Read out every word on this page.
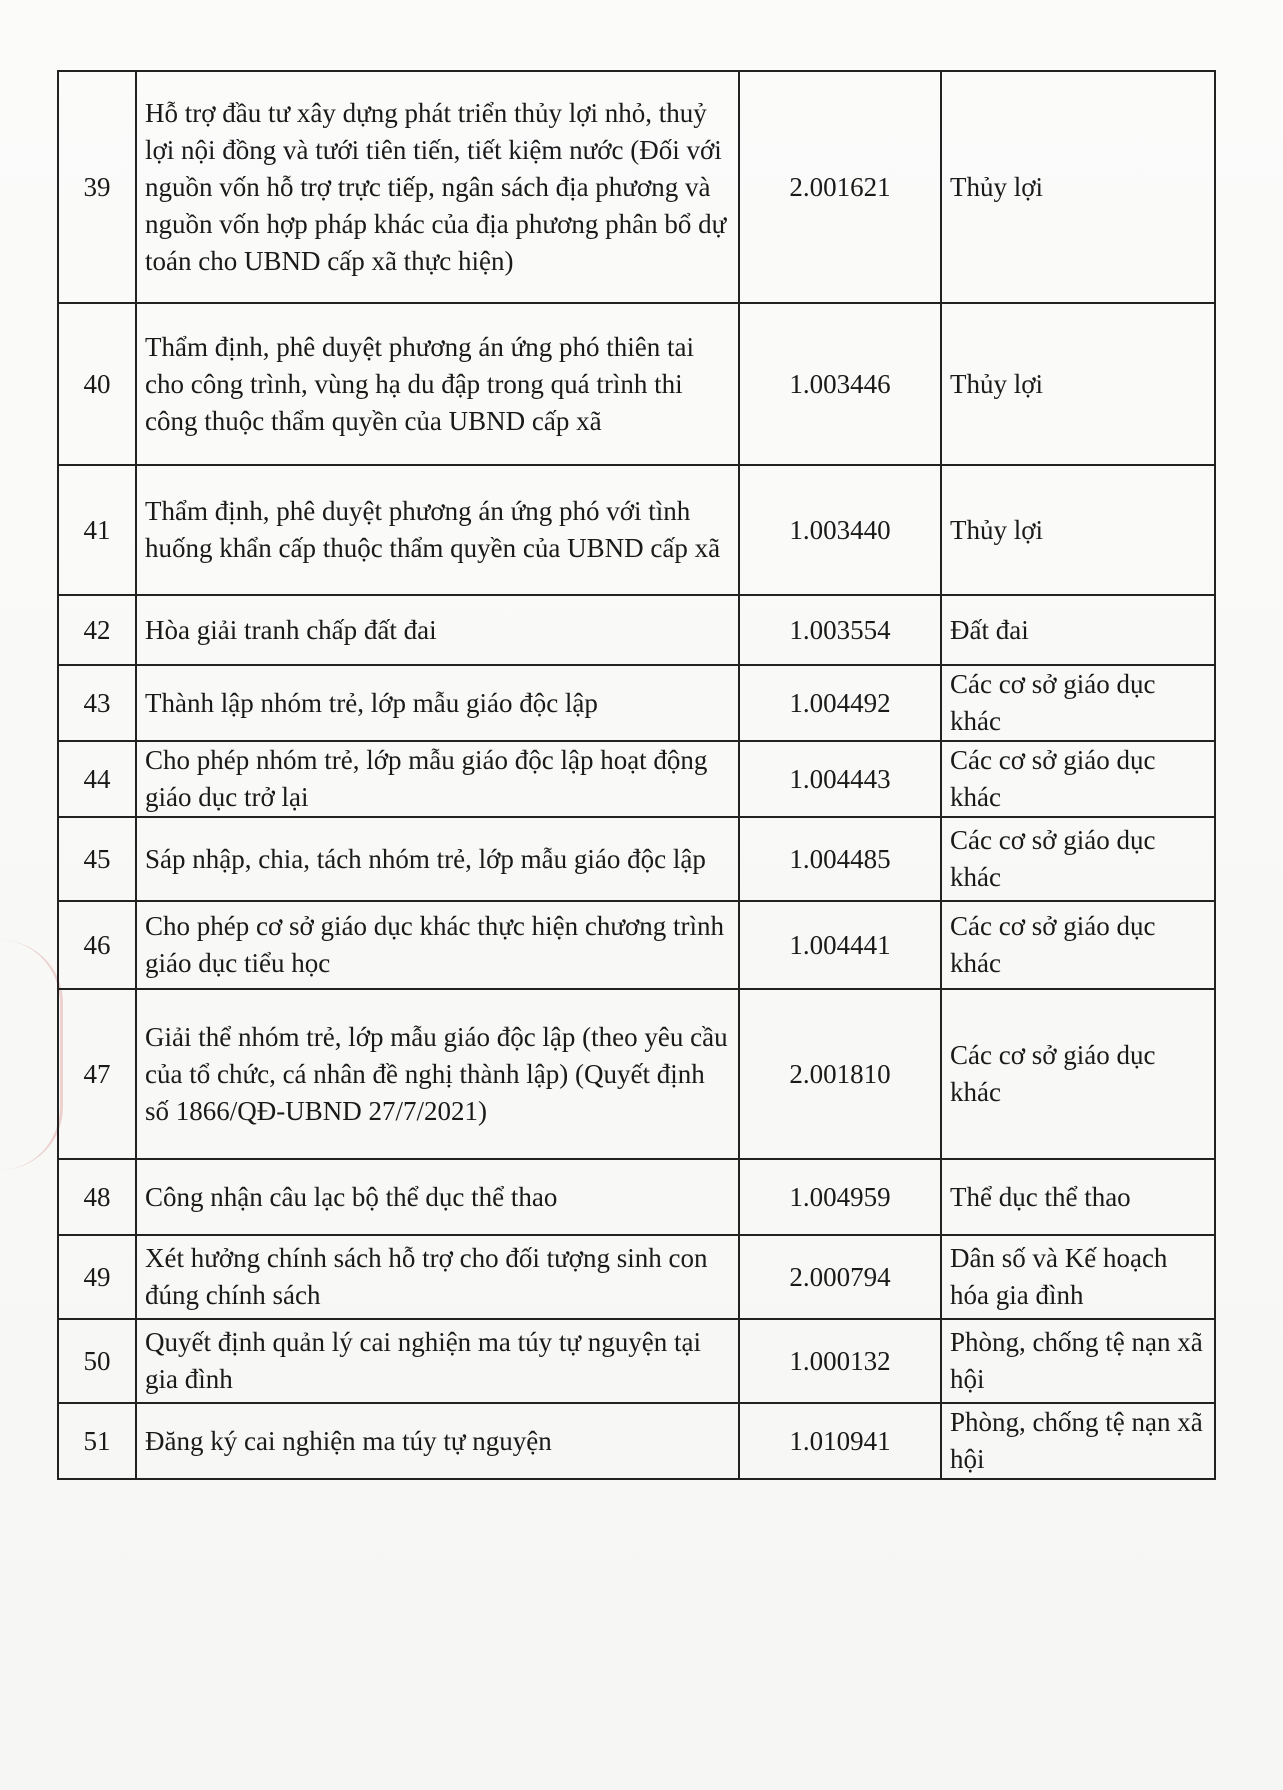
39	Hỗ trợ đầu tư xây dựng phát triển thủy lợi nhỏ, thuỷ lợi nội đồng và tưới tiên tiến, tiết kiệm nước (Đối với nguồn vốn hỗ trợ trực tiếp, ngân sách địa phương và nguồn vốn hợp pháp khác của địa phương phân bổ dự toán cho UBND cấp xã thực hiện)	2.001621	Thủy lợi
40	Thẩm định, phê duyệt phương án ứng phó thiên tai cho công trình, vùng hạ du đập trong quá trình thi công thuộc thẩm quyền của UBND cấp xã	1.003446	Thủy lợi
41	Thẩm định, phê duyệt phương án ứng phó với tình huống khẩn cấp thuộc thẩm quyền của UBND cấp xã	1.003440	Thủy lợi
42	Hòa giải tranh chấp đất đai	1.003554	Đất đai
43	Thành lập nhóm trẻ, lớp mẫu giáo độc lập	1.004492	Các cơ sở giáo dục khác
44	Cho phép nhóm trẻ, lớp mẫu giáo độc lập hoạt động giáo dục trở lại	1.004443	Các cơ sở giáo dục khác
45	Sáp nhập, chia, tách nhóm trẻ, lớp mẫu giáo độc lập	1.004485	Các cơ sở giáo dục khác
46	Cho phép cơ sở giáo dục khác thực hiện chương trình giáo dục tiểu học	1.004441	Các cơ sở giáo dục khác
47	Giải thể nhóm trẻ, lớp mẫu giáo độc lập (theo yêu cầu của tổ chức, cá nhân đề nghị thành lập) (Quyết định số 1866/QĐ-UBND 27/7/2021)	2.001810	Các cơ sở giáo dục khác
48	Công nhận câu lạc bộ thể dục thể thao	1.004959	Thể dục thể thao
49	Xét hưởng chính sách hỗ trợ cho đối tượng sinh con đúng chính sách	2.000794	Dân số và Kế hoạch hóa gia đình
50	Quyết định quản lý cai nghiện ma túy tự nguyện tại gia đình	1.000132	Phòng, chống tệ nạn xã hội
51	Đăng ký cai nghiện ma túy tự nguyện	1.010941	Phòng, chống tệ nạn xã hội
